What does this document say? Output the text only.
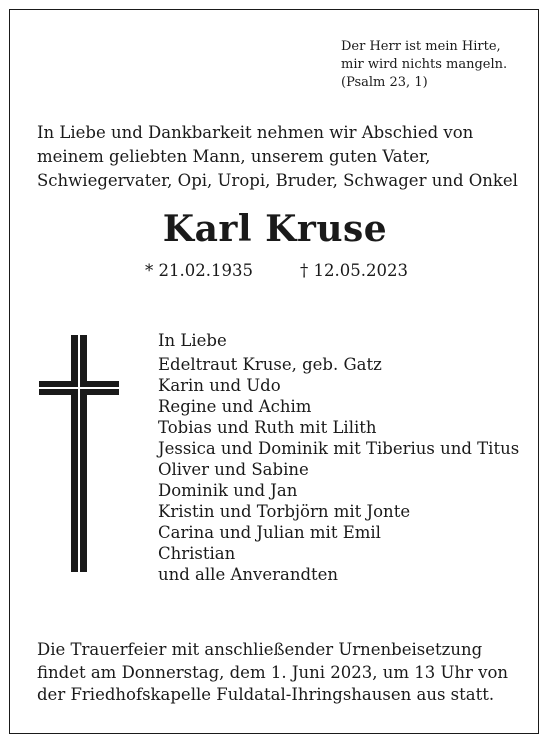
Der Herr ist mein Hirte,
mir wird nichts mangeln.
(Psalm 23, 1)
In Liebe und Dankbarkeit nehmen wir Abschied von
meinem geliebten Mann, unserem guten Vater,
Schwiegervater, Opi, Uropi, Bruder, Schwager und Onkel
Karl Kruse
* 21.02.1935	† 12.05.2023
In Liebe
Edeltraut Kruse, geb. Gatz
Karin und Udo
Regine und Achim
Tobias und Ruth mit Lilith
Jessica und Dominik mit Tiberius und Titus
Oliver und Sabine
Dominik und Jan
Kristin und Torbjörn mit Jonte
Carina und Julian mit Emil
Christian
und alle Anverandten
Die Trauerfeier mit anschließender Urnenbeisetzung
findet am Donnerstag, dem 1. Juni 2023, um 13 Uhr von
der Friedhofskapelle Fuldatal-Ihringshausen aus statt.
